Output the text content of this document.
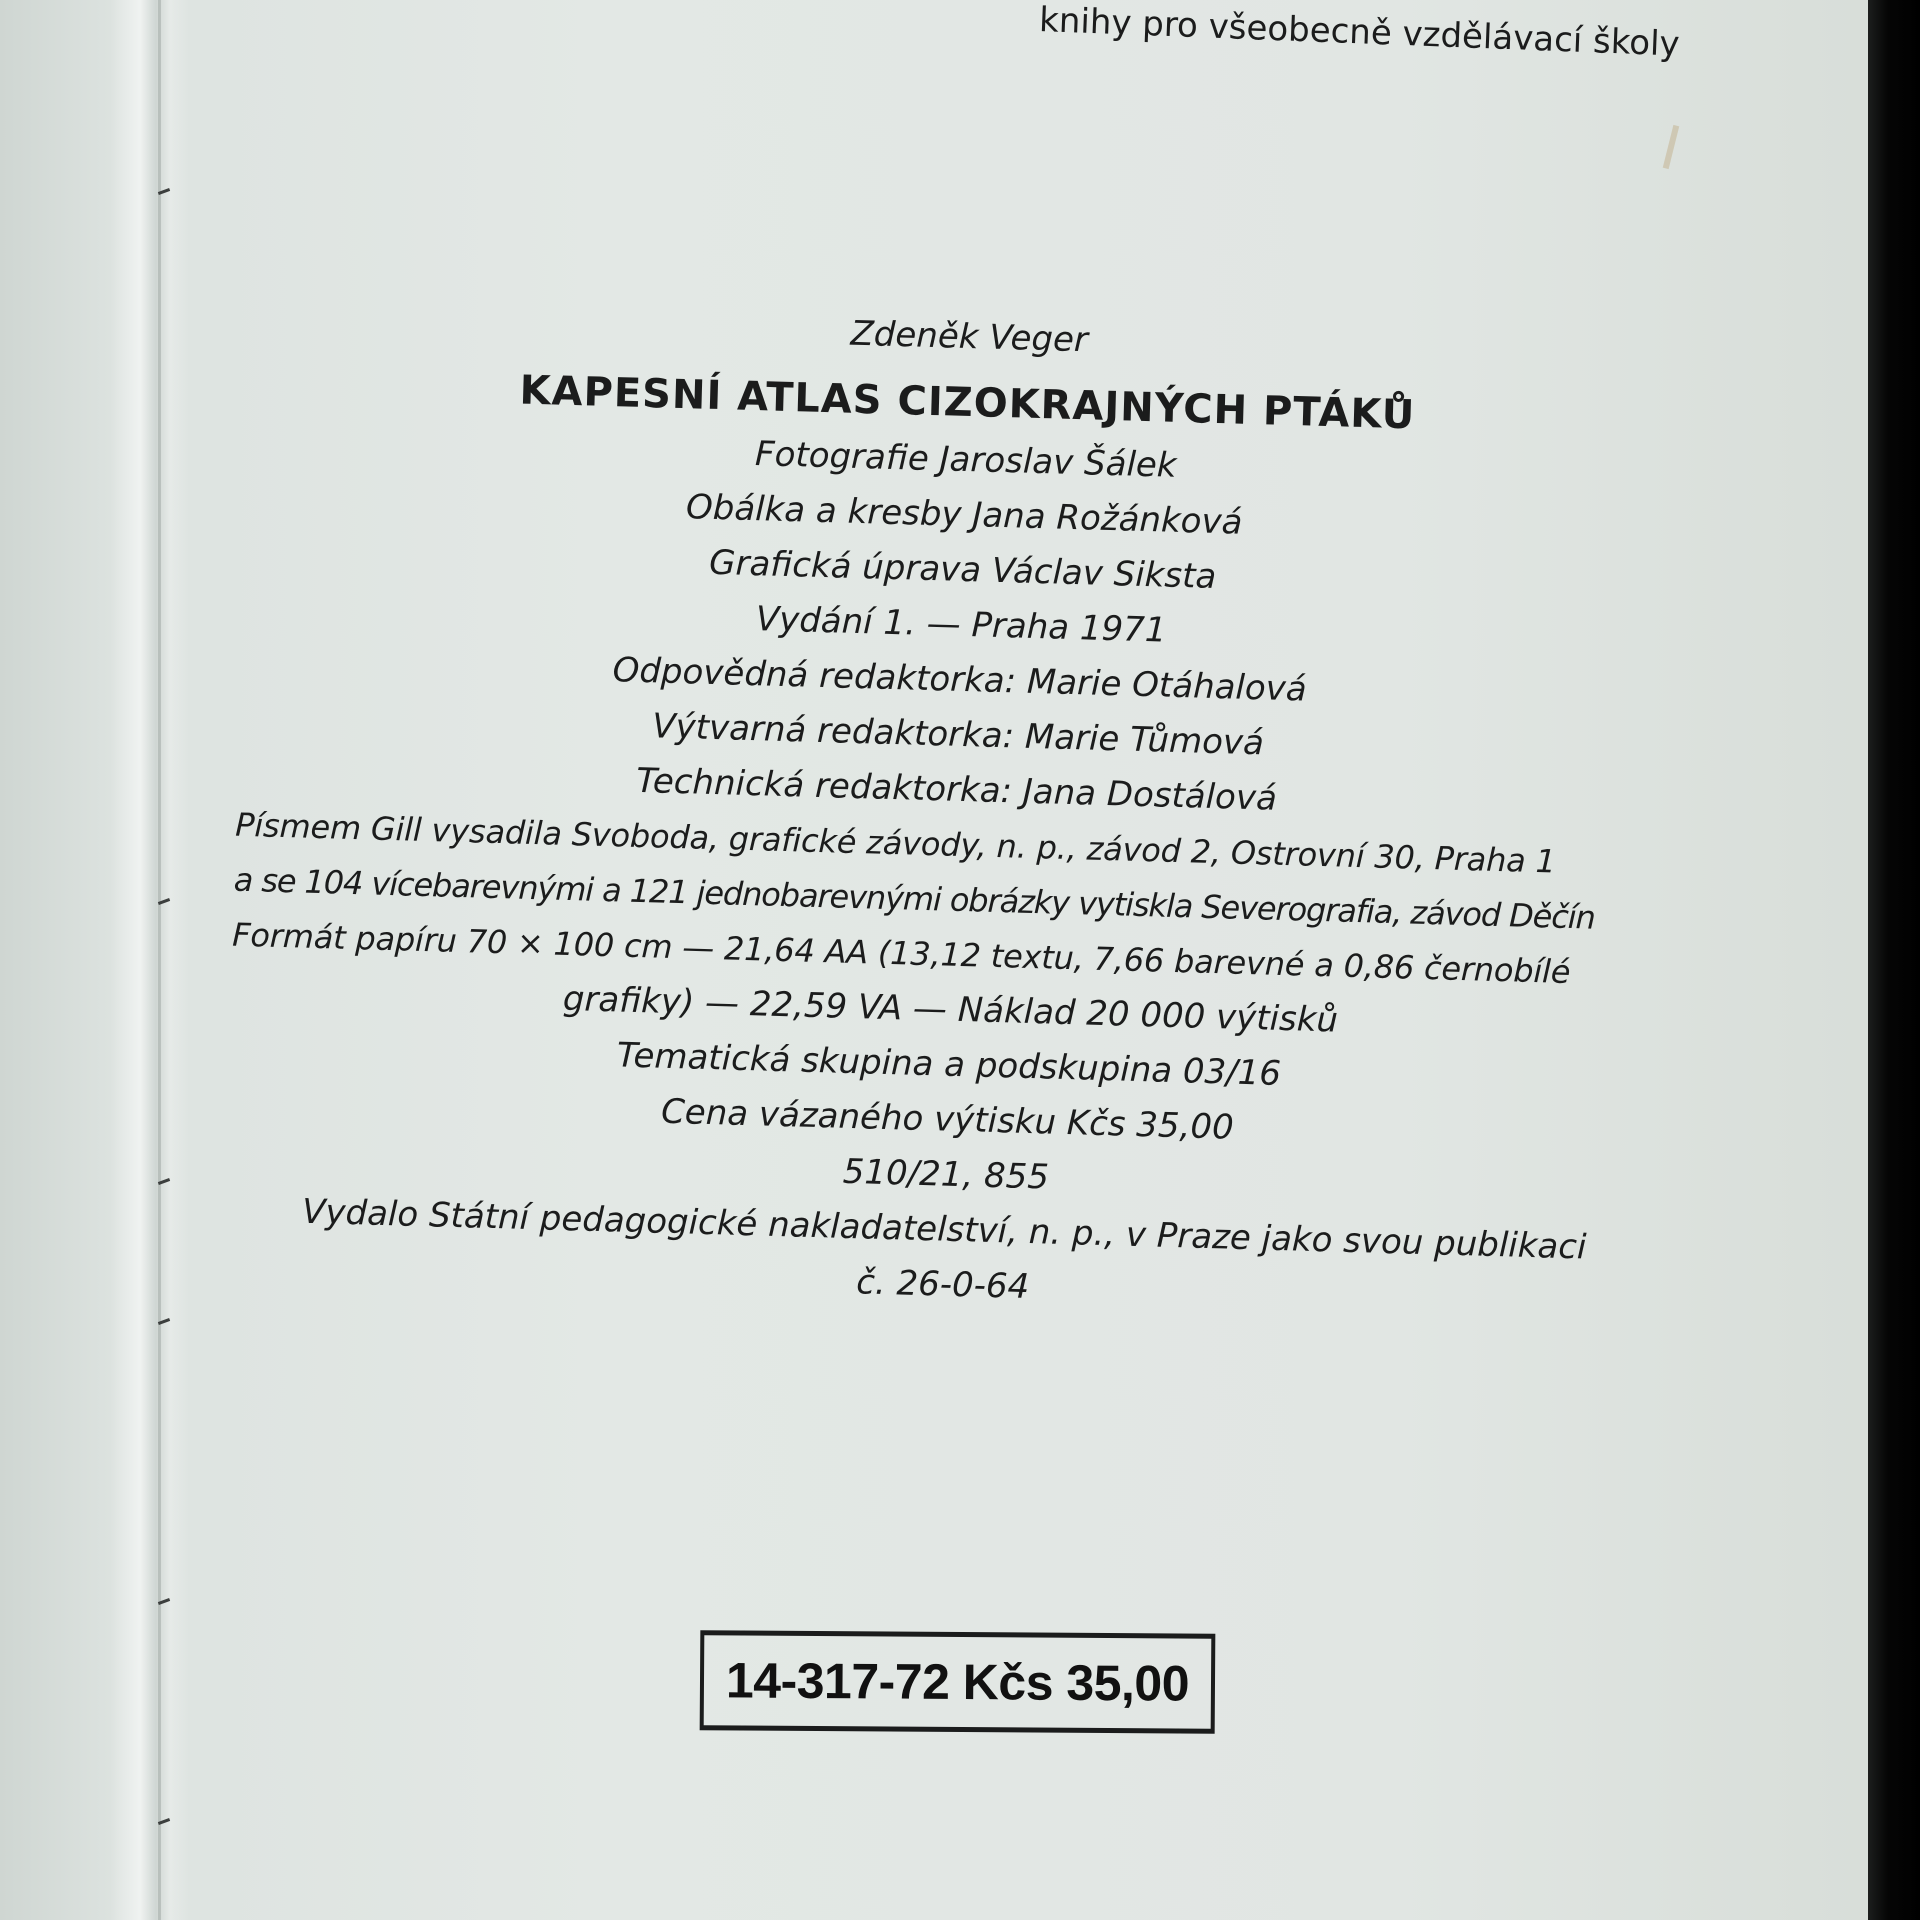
knihy pro všeobecně vzdělávací školy
Zdeněk Veger
KAPESNÍ ATLAS CIZOKRAJNÝCH PTÁKŮ
Fotografie Jaroslav Šálek
Obálka a kresby Jana Rožánková
Grafická úprava Václav Siksta
Vydání 1. — Praha 1971
Odpovědná redaktorka: Marie Otáhalová
Výtvarná redaktorka: Marie Tůmová
Technická redaktorka: Jana Dostálová
Písmem Gill vysadila Svoboda, grafické závody, n. p., závod 2, Ostrovní 30, Praha 1
a se 104 vícebarevnými a 121 jednobarevnými obrázky vytiskla Severografia, závod Děčín
Formát papíru 70 × 100 cm — 21,64 AA (13,12 textu, 7,66 barevné a 0,86 černobílé
grafiky) — 22,59 VA — Náklad 20 000 výtisků
Tematická skupina a podskupina 03/16
Cena vázaného výtisku Kčs 35,00
510/21, 855
Vydalo Státní pedagogické nakladatelství, n. p., v Praze jako svou publikaci
č. 26-0-64
14-317-72 Kčs 35,00
